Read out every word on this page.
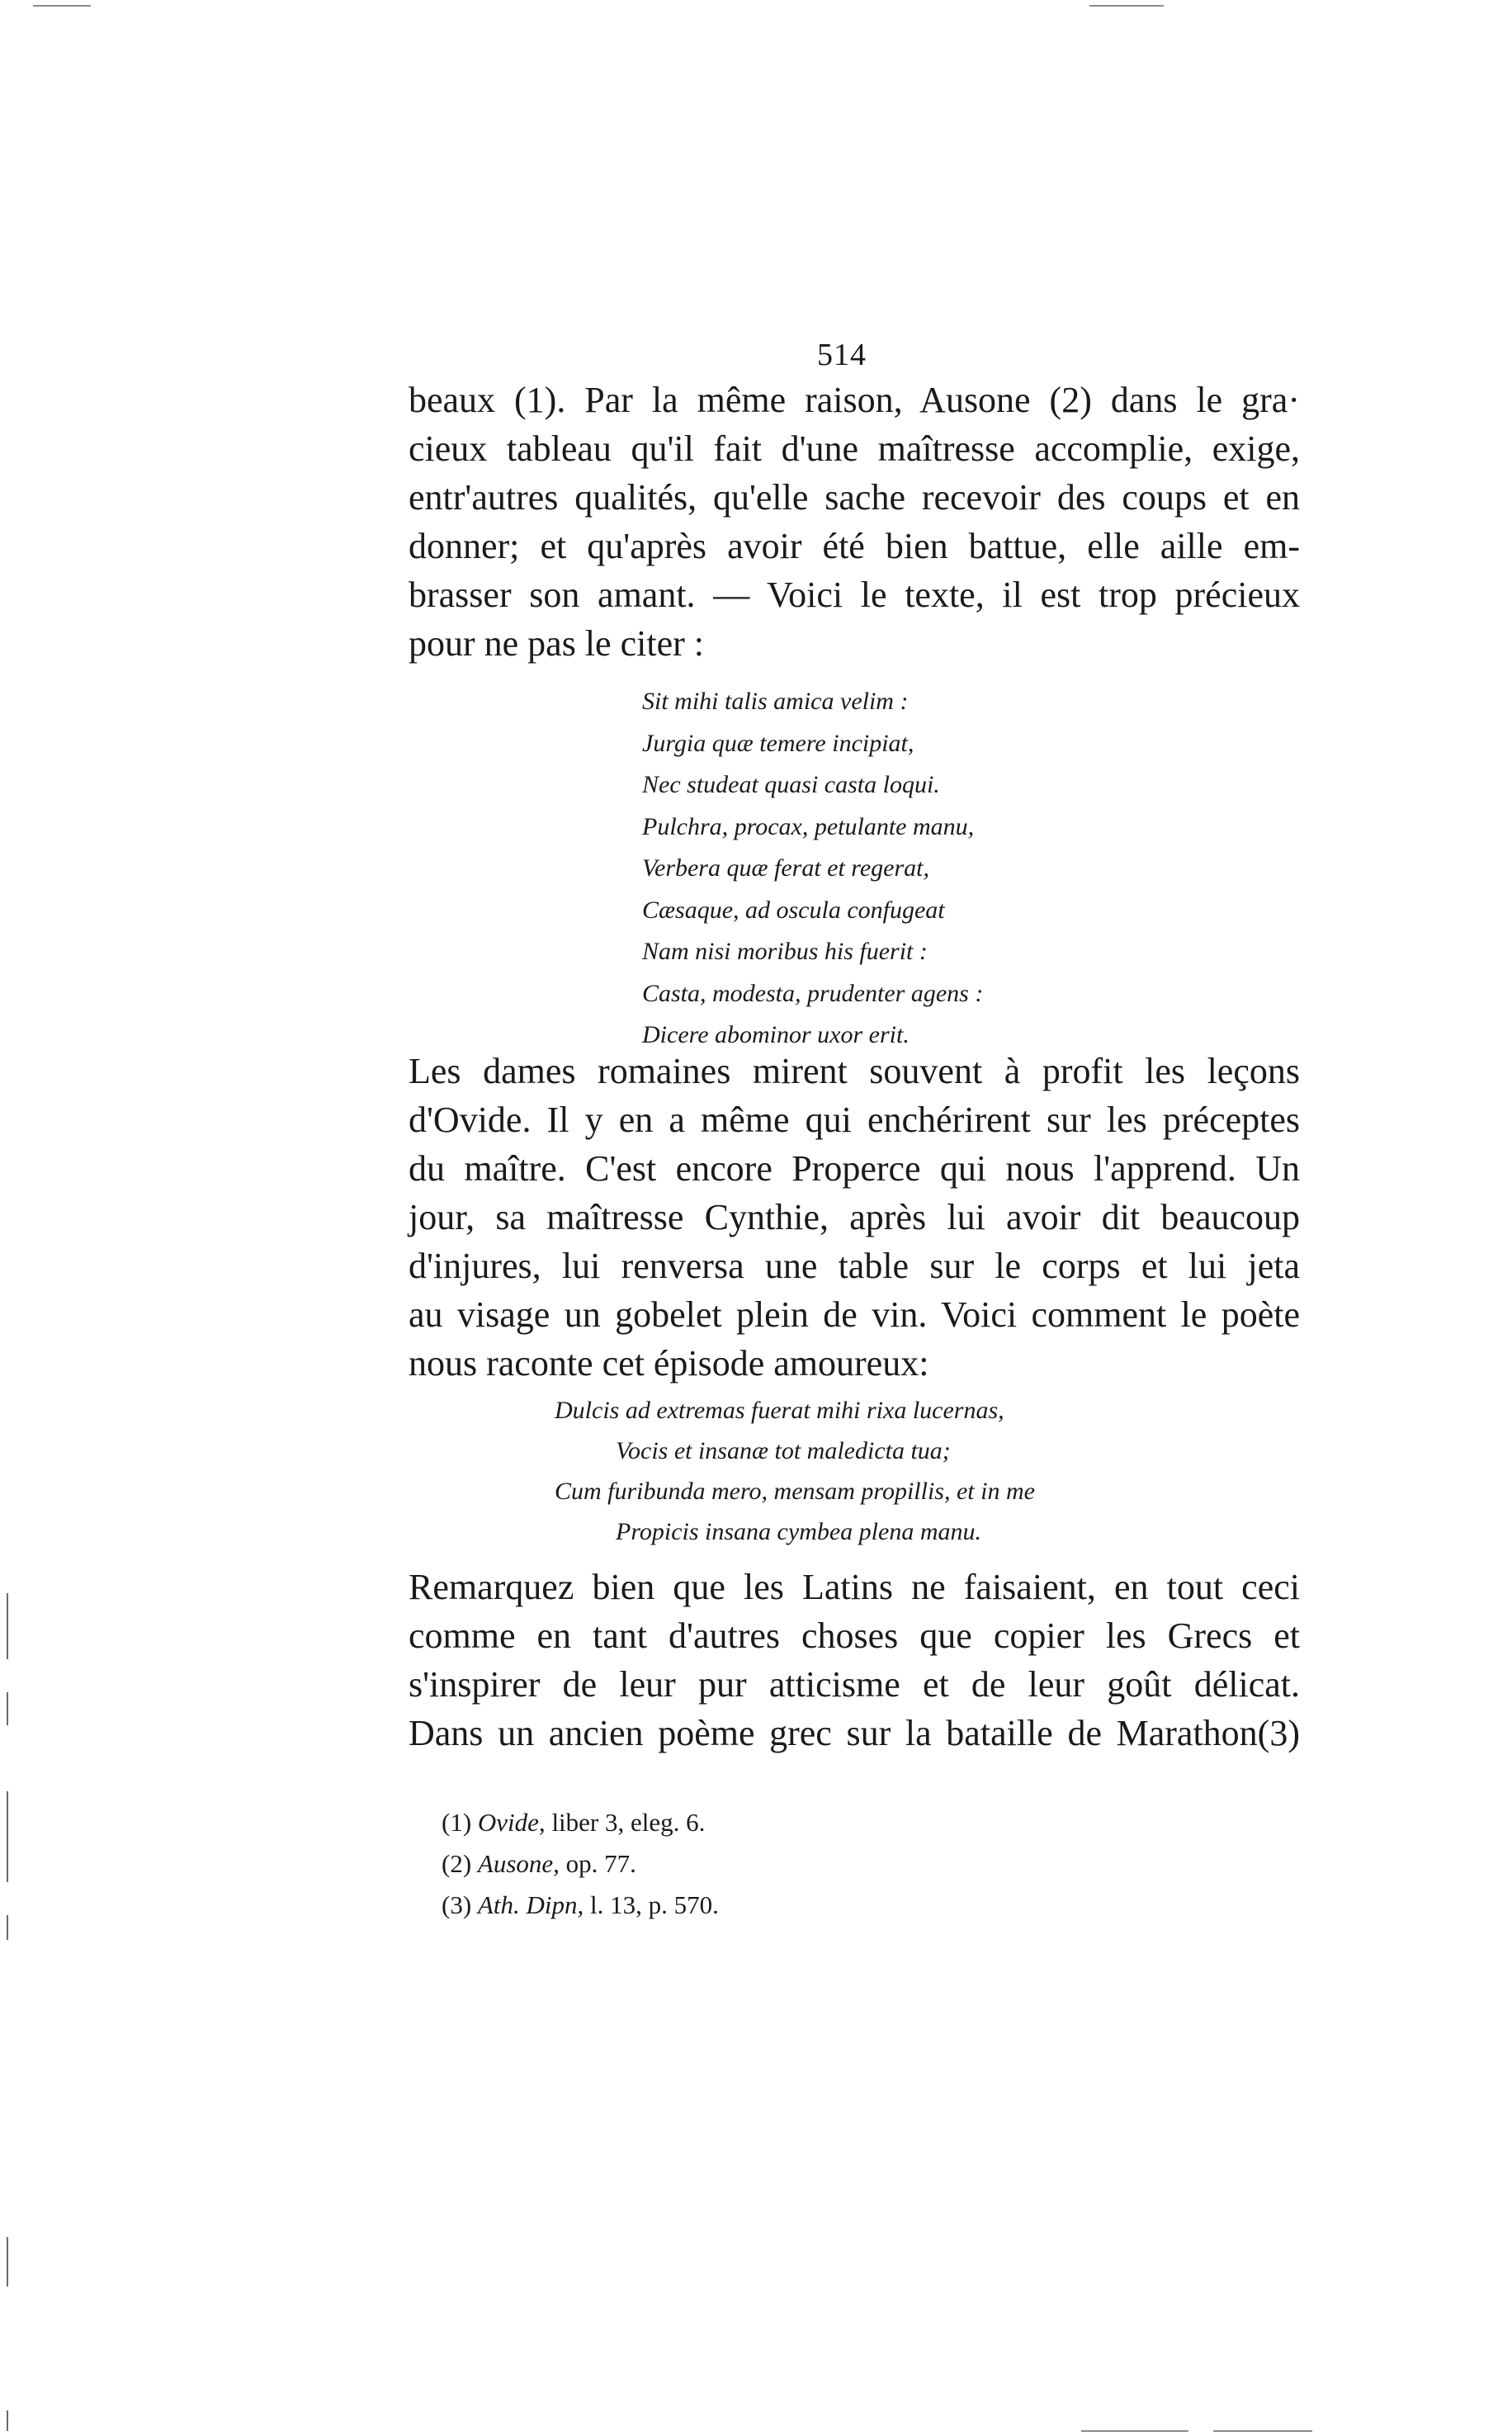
514
beaux (1). Par la même raison, Ausone (2) dans le gra·
cieux tableau qu'il fait d'une maîtresse accomplie, exige,
entr'autres qualités, qu'elle sache recevoir des coups et en
donner; et qu'après avoir été bien battue, elle aille em-
brasser son amant. — Voici le texte, il est trop précieux
pour ne pas le citer :
Sit mihi talis amica velim :
Jurgia quæ temere incipiat,
Nec studeat quasi casta loqui.
Pulchra, procax, petulante manu,
Verbera quæ ferat et regerat,
Cæsaque, ad oscula confugeat
Nam nisi moribus his fuerit :
Casta, modesta, prudenter agens :
Dicere abominor uxor erit.
Les dames romaines mirent souvent à profit les leçons
d'Ovide. Il y en a même qui enchérirent sur les préceptes
du maître. C'est encore Properce qui nous l'apprend. Un
jour, sa maîtresse Cynthie, après lui avoir dit beaucoup
d'injures, lui renversa une table sur le corps et lui jeta
au visage un gobelet plein de vin. Voici comment le poète
nous raconte cet épisode amoureux:
Dulcis ad extremas fuerat mihi rixa lucernas,
Vocis et insanæ tot maledicta tua;
Cum furibunda mero, mensam propillis, et in me
Propicis insana cymbea plena manu.
Remarquez bien que les Latins ne faisaient, en tout ceci
comme en tant d'autres choses que copier les Grecs et
s'inspirer de leur pur atticisme et de leur goût délicat.
Dans un ancien poème grec sur la bataille de Marathon(3)
(1) Ovide, liber 3, eleg. 6.
(2) Ausone, op. 77.
(3) Ath. Dipn, l. 13, p. 570.
